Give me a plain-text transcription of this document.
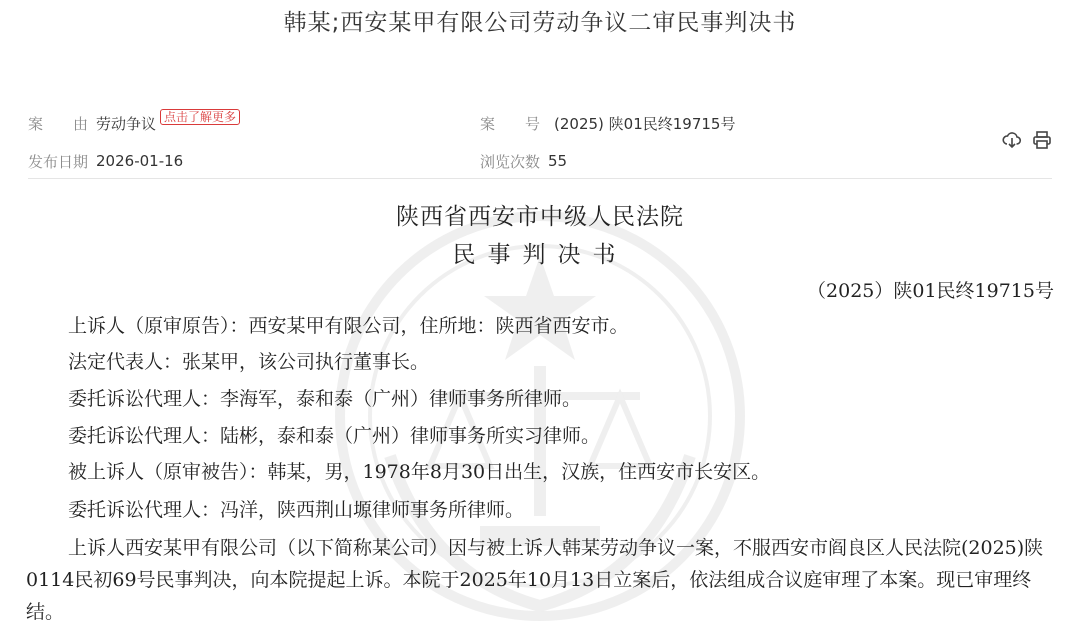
韩某;西安某甲有限公司劳动争议二审民事判决书
案　　由 劳动争议 点击了解更多	案　　号 (2025) 陕01民终19715号
发布日期 2026-01-16	浏览次数 55
陕西省西安市中级人民法院
民事判决书
（2025）陕01民终19715号
上诉人（原审原告）：西安某甲有限公司，住所地：陕西省西安市。
法定代表人：张某甲，该公司执行董事长。
委托诉讼代理人：李海军，泰和泰（广州）律师事务所律师。
委托诉讼代理人：陆彬，泰和泰（广州）律师事务所实习律师。
被上诉人（原审被告）：韩某，男，1978年8月30日出生，汉族，住西安市长安区。
委托诉讼代理人：冯洋，陕西荆山塬律师事务所律师。
上诉人西安某甲有限公司（以下简称某公司）因与被上诉人韩某劳动争议一案，不服西安市阎良区人民法院(2025)陕0114民初69号民事判决，向本院提起上诉。本院于2025年10月13日立案后，依法组成合议庭审理了本案。现已审理终结。
